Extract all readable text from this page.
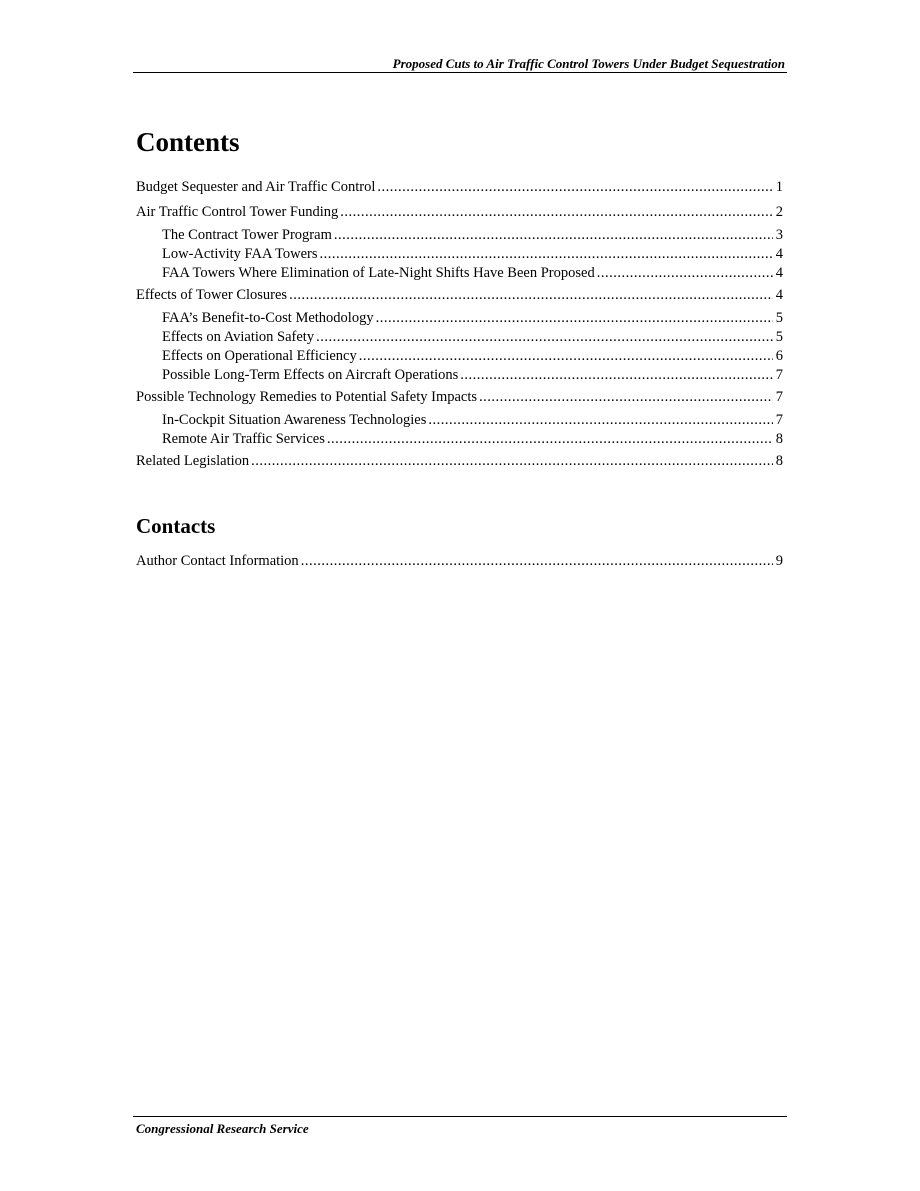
Proposed Cuts to Air Traffic Control Towers Under Budget Sequestration
Contents
Budget Sequester and Air Traffic Control .....	1
Air Traffic Control Tower Funding .....	2
The Contract Tower Program .....	3
Low-Activity FAA Towers .....	4
FAA Towers Where Elimination of Late-Night Shifts Have Been Proposed .....	4
Effects of Tower Closures .....	4
FAA’s Benefit-to-Cost Methodology .....	5
Effects on Aviation Safety .....	5
Effects on Operational Efficiency .....	6
Possible Long-Term Effects on Aircraft Operations .....	7
Possible Technology Remedies to Potential Safety Impacts .....	7
In-Cockpit Situation Awareness Technologies .....	7
Remote Air Traffic Services .....	8
Related Legislation .....	8
Contacts
Author Contact Information .....	9
Congressional Research Service
